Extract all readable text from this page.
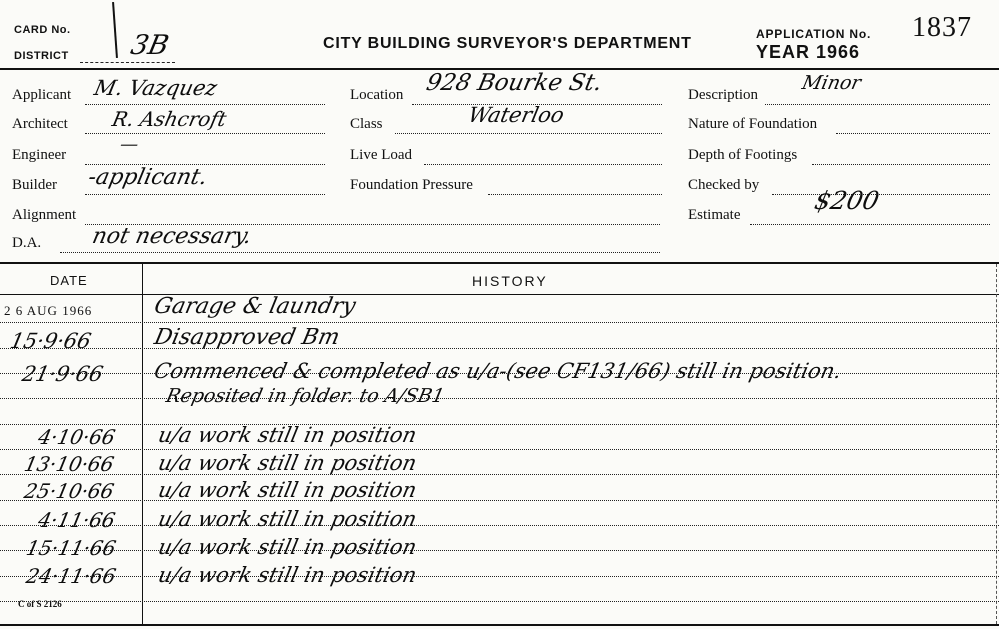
CARD No.
DISTRICT 3B	CITY BUILDING SURVEYOR'S DEPARTMENT
APPLICATION No. 1837
YEAR 1966
Applicant M. Vazquez
Architect R. Ashcroft
Engineer	—
Builder -applicant.
Alignment
D.A. not necessary.
Location 928 Bourke St.
Class	Waterloo
Live Load
Foundation Pressure
Description
Minor
Nature of Foundation
Depth of Footings
Checked by
Estimate	$200
DATE	HISTORY
2 6 AUG 1966	Garage & laundry
15·9·66	Disapproved Bm
21·9·66 Commenced & completed as u/a-(see CF131/66) still in position.
Reposited in folder. to A/SB1
4·10·66 u/a work still in position
13·10·66 u/a work still in position
25·10·66 u/a work still in position
4·11·66 u/a work still in position
15·11·66 u/a work still in position
24·11·66 u/a work still in position
C of S 2126
